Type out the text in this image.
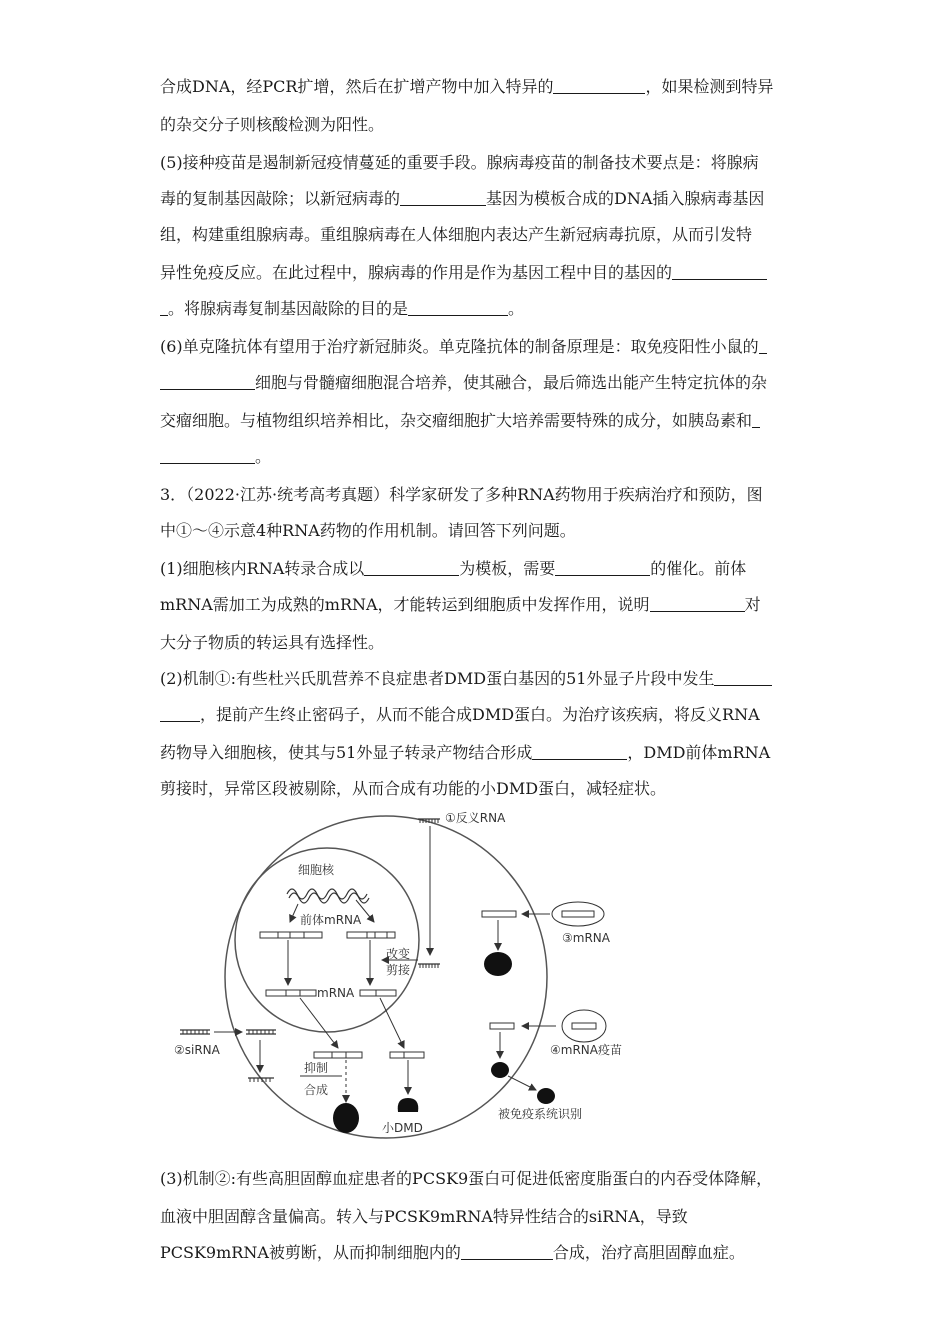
合成DNA，经PCR扩增，然后在扩增产物中加入特异的	，如果检测到特异
的杂交分子则核酸检测为阳性。
(5)接种疫苗是遏制新冠疫情蔓延的重要手段。腺病毒疫苗的制备技术要点是：将腺病
毒的复制基因敲除；以新冠病毒的	基因为模板合成的DNA插入腺病毒基因
组，构建重组腺病毒。重组腺病毒在人体细胞内表达产生新冠病毒抗原，从而引发特
异性免疫反应。在此过程中，腺病毒的作用是作为基因工程中目的基因的
。将腺病毒复制基因敲除的目的是	。
(6)单克隆抗体有望用于治疗新冠肺炎。单克隆抗体的制备原理是：取免疫阳性小鼠的
细胞与骨髓瘤细胞混合培养，使其融合，最后筛选出能产生特定抗体的杂
交瘤细胞。与植物组织培养相比，杂交瘤细胞扩大培养需要特殊的成分，如胰岛素和
。
3．（2022·江苏·统考高考真题）科学家研发了多种RNA药物用于疾病治疗和预防，图
中①～④示意4种RNA药物的作用机制。请回答下列问题。
(1)细胞核内RNA转录合成以	为模板，需要	的催化。前体
mRNA需加工为成熟的mRNA，才能转运到细胞质中发挥作用，说明	对
大分子物质的转运具有选择性。
(2)机制①:有些杜兴氏肌营养不良症患者DMD蛋白基因的51外显子片段中发生
，提前产生终止密码子，从而不能合成DMD蛋白。为治疗该疾病，将反义RNA
药物导入细胞核，使其与51外显子转录产物结合形成	，DMD前体mRNA
剪接时，异常区段被剔除，从而合成有功能的小DMD蛋白，减轻症状。
细胞核
前体mRNA
改变
剪接
①反义RNA
mRNA
②siRNA
抑制
合成
小DMD
③mRNA
④mRNA疫苗
被免疫系统识别
(3)机制②:有些高胆固醇血症患者的PCSK9蛋白可促进低密度脂蛋白的内吞受体降解，
血液中胆固醇含量偏高。转入与PCSK9mRNA特异性结合的siRNA，导致
PCSK9mRNA被剪断，从而抑制细胞内的	合成，治疗高胆固醇血症。
